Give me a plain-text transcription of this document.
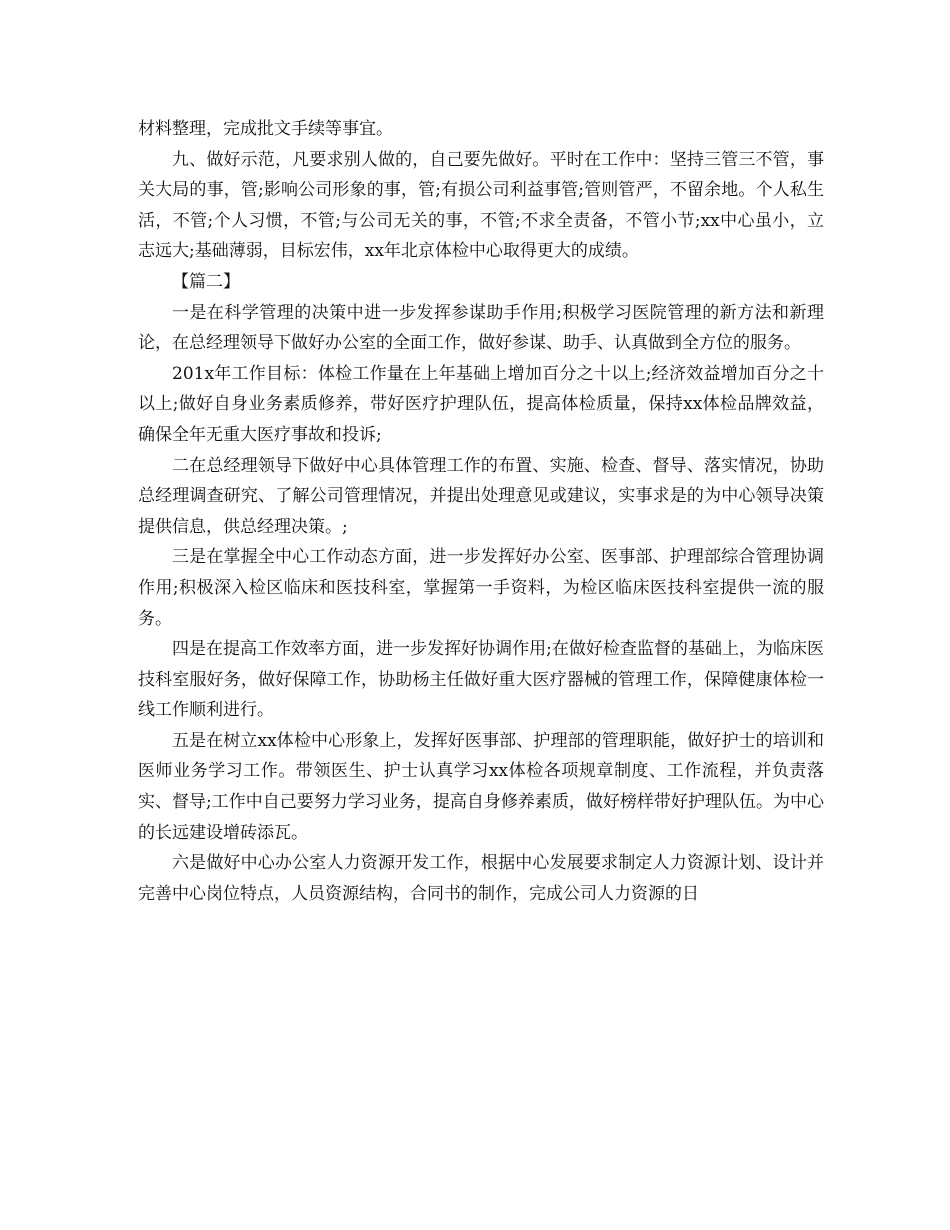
材料整理，完成批文手续等事宜。

九、做好示范，凡要求别人做的，自己要先做好。平时在工作中：坚持三管三不管，事关大局的事，管;影响公司形象的事，管;有损公司利益事管;管则管严，不留余地。个人私生活，不管;个人习惯，不管;与公司无关的事，不管;不求全责备，不管小节;xx中心虽小，立志远大;基础薄弱，目标宏伟，xx年北京体检中心取得更大的成绩。

【篇二】

一是在科学管理的决策中进一步发挥参谋助手作用;积极学习医院管理的新方法和新理论，在总经理领导下做好办公室的全面工作，做好参谋、助手、认真做到全方位的服务。

201x年工作目标：体检工作量在上年基础上增加百分之十以上;经济效益增加百分之十以上;做好自身业务素质修养，带好医疗护理队伍，提高体检质量，保持xx体检品牌效益，确保全年无重大医疗事故和投诉;

二在总经理领导下做好中心具体管理工作的布置、实施、检查、督导、落实情况，协助总经理调查研究、了解公司管理情况，并提出处理意见或建议，实事求是的为中心领导决策提供信息，供总经理决策。;

三是在掌握全中心工作动态方面，进一步发挥好办公室、医事部、护理部综合管理协调作用;积极深入检区临床和医技科室，掌握第一手资料，为检区临床医技科室提供一流的服务。

四是在提高工作效率方面，进一步发挥好协调作用;在做好检查监督的基础上，为临床医技科室服好务，做好保障工作，协助杨主任做好重大医疗器械的管理工作，保障健康体检一线工作顺利进行。

五是在树立xx体检中心形象上，发挥好医事部、护理部的管理职能，做好护士的培训和医师业务学习工作。带领医生、护士认真学习xx体检各项规章制度、工作流程，并负责落实、督导;工作中自己要努力学习业务，提高自身修养素质，做好榜样带好护理队伍。为中心的长远建设增砖添瓦。

六是做好中心办公室人力资源开发工作，根据中心发展要求制定人力资源计划、设计并完善中心岗位特点，人员资源结构，合同书的制作，完成公司人力资源的日
